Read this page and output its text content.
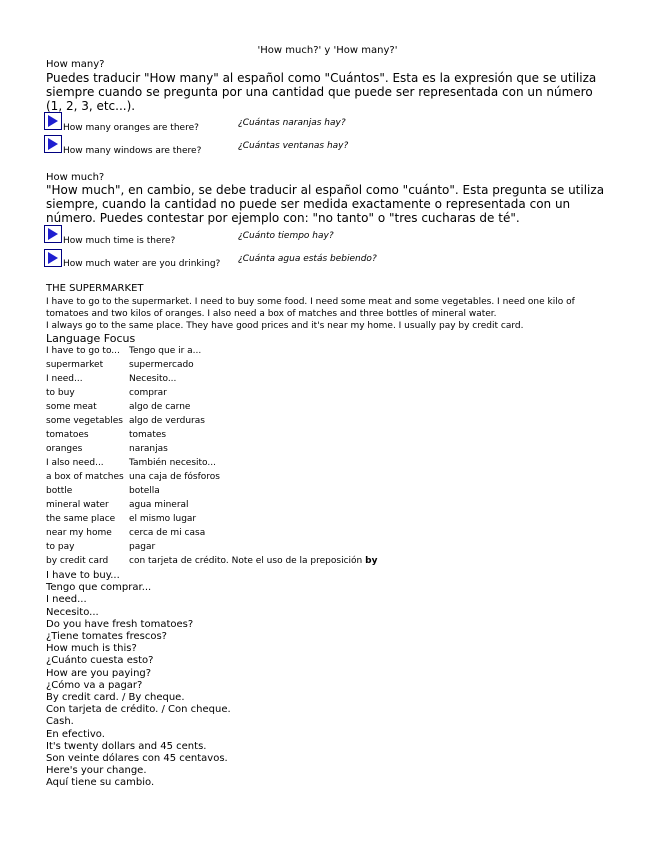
'How much?' y 'How many?'
How many?
Puedes traducir "How many" al español como "Cuántos". Esta es la expresión que se utiliza siempre cuando se pregunta por una cantidad que puede ser representada con un número (1, 2, 3, etc...).
How many oranges are there?	¿Cuántas naranjas hay?
How many windows are there?	¿Cuántas ventanas hay?
How much?
"How much", en cambio, se debe traducir al español como "cuánto". Esta pregunta se utiliza siempre, cuando la cantidad no puede ser medida exactamente o representada con un número. Puedes contestar por ejemplo con: "no tanto" o "tres cucharas de té".
How much time is there?	¿Cuánto tiempo hay?
How much water are you drinking? ¿Cuánta agua estás bebiendo?
THE SUPERMARKET
I have to go to the supermarket. I need to buy some food. I need some meat and some vegetables. I need one kilo of tomatoes and two kilos of oranges. I also need a box of matches and three bottles of mineral water.
I always go to the same place. They have good prices and it's near my home. I usually pay by credit card.
Language Focus
I have to go to... Tengo que ir a...
supermarket	supermercado
I need...	Necesito...
to buy	comprar
some meat	algo de carne
some vegetables algo de verduras
tomatoes	tomates
oranges	naranjas
I also need...	También necesito...
a box of matches una caja de fósforos
bottle	botella
mineral water agua mineral
the same place el mismo lugar
near my home cerca de mi casa
to pay	pagar
by credit card con tarjeta de crédito. Note el uso de la preposición by
I have to buy...
Tengo que comprar...
I need...
Necesito...
Do you have fresh tomatoes?
¿Tiene tomates frescos?
How much is this?
¿Cuánto cuesta esto?
How are you paying?
¿Cómo va a pagar?
By credit card. / By cheque.
Con tarjeta de crédito. / Con cheque.
Cash.
En efectivo.
It's twenty dollars and 45 cents.
Son veinte dólares con 45 centavos.
Here's your change.
Aquí tiene su cambio.
